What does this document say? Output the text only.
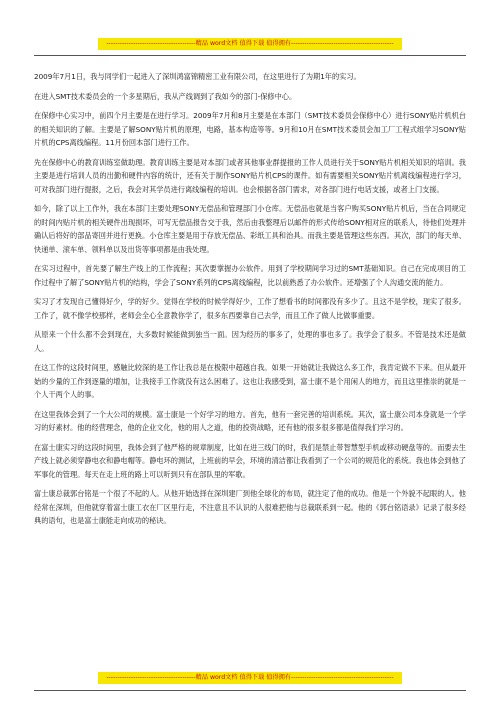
----------------------------------------精品 word文档 值得下载 值得拥有----------------------------------------------

2009年7月1日，我与同学们一起进入了深圳鸿富锦精密工业有限公司，在这里进行了为期1年的实习。

在进入SMT技术委员会的一个多星期后，我从产线调到了我如今的部门-保修中心。

在保修中心实习中，前四个月主要是在进行学习。2009年7月和8月主要是在本部门（SMT技术委员会保修中心）进行SONY贴片机机台的相关知识的了解。主要是了解SONY贴片机的原理，电路，基本构造等等。9月和10月在SMT技术委员会加工厂工程式组学习SONY贴片机的CPS离线编程。11月份回本部门进行工作。

先在保修中心的教育训练室做助理。教育训练主要是对本部门或者其他事业群提报的工作人员进行关于SONY贴片机相关知识的培训。我主要是进行培训人员的出勤和硬件内容的统计，还有关于制作SONY贴片机CPS的课件。如有需要相关SONY贴片机离线编程进行学习，可对我部门进行提报，之后，我会对其学员进行离线编程的培训。也会根据各部门需求，对各部门进行电话支援，或者上门支援。

如今，除了以上工作外，我在本部门主要处理SONY无偿品和管理部门小仓库。无偿品也就是当客户购买SONY贴片机后，当在合同规定的时间内贴片机的相关硬件出现损坏，可写无偿品报告交于我，然后由我整理后以邮件的形式传给SONY相对应的联系人，待他们处理并确认后将好的部品寄回并进行更换。小仓库主要是用于存放无偿品、彩纸工具和治具。而我主要是管理这些东西。其次，部门的每天单、快递单、滚车单、领料单以及出货等事项都是由我处理。

在实习过程中，首先要了解生产线上的工作流程；其次要掌握办公软件。用到了学校期间学习过的SMT基础知识。自己在完成项目的工作过程中了解了SONY贴片机的结构，学会了SONY系列的CPS离线编程，比以前熟悉了办公软件。还增强了个人沟通交流的能力。

实习了才发现自己懂得好少，学的好少。觉得在学校的时候学得好少，工作了想看书的时间都没有多少了。且这不是学校，现实了很多。工作了，就不像学校那样，老师会全心全意教你学了，很多东西要靠自己去学，而且工作了做人比做事重要。

从原来一个什么都不会到现在，大多数时候能做到独当一面。因为经历的事多了，处理的事也多了。我学会了很多。不管是技术还是做人。

在这工作的这段时间里，感触比较深的是工作让我总是在极限中超越自我。如果一开始就让我做这么多工作，我肯定做不下来。但从最开始的少量的工作到逐量的增加，让我接手工作就没有这么困难了。这也让我感受到，富士康不是个用闲人的地方，而且这里推崇的就是一个人干两个人的事。

在这里我体会到了一个大公司的规模。富士康是一个好学习的地方。首先，他有一套完善的培训系统。其次，富士康公司本身就是一个学习的好素材。他的经营理念，他的企业文化，他的用人之道，他的投资战略，还有他的很多很多都是值得我们学习的。

在富士康实习的这段时间里，我体会到了他严格的规章制度，比如在进三线门的时，我们是禁止带智慧型手机或移动硬盘等的。而要去生产线上就必须穿静电衣和静电帽等。静电环的测试，上班前的早会，环境的清洁都让我看到了一个公司的规范化的系统。我也体会到他了军事化的管理。每天在走上班的路上可以听到只有在部队里的军歌。

富士康总裁郭台铭是一个很了不起的人。从他开始选择在深圳建厂到他全球化的布局，就注定了他的成功。他是一个外貌不起眼的人。他经常在深圳，但他就穿着富士康工衣在厂区里行走，不注意且不认识的人很难把他与总裁联系到一起。他的《郭台铭语录》记录了很多经典的语句，也是富士康能走向成功的秘诀。

----------------------------------------精品 word文档 值得下载 值得拥有----------------------------------------------
